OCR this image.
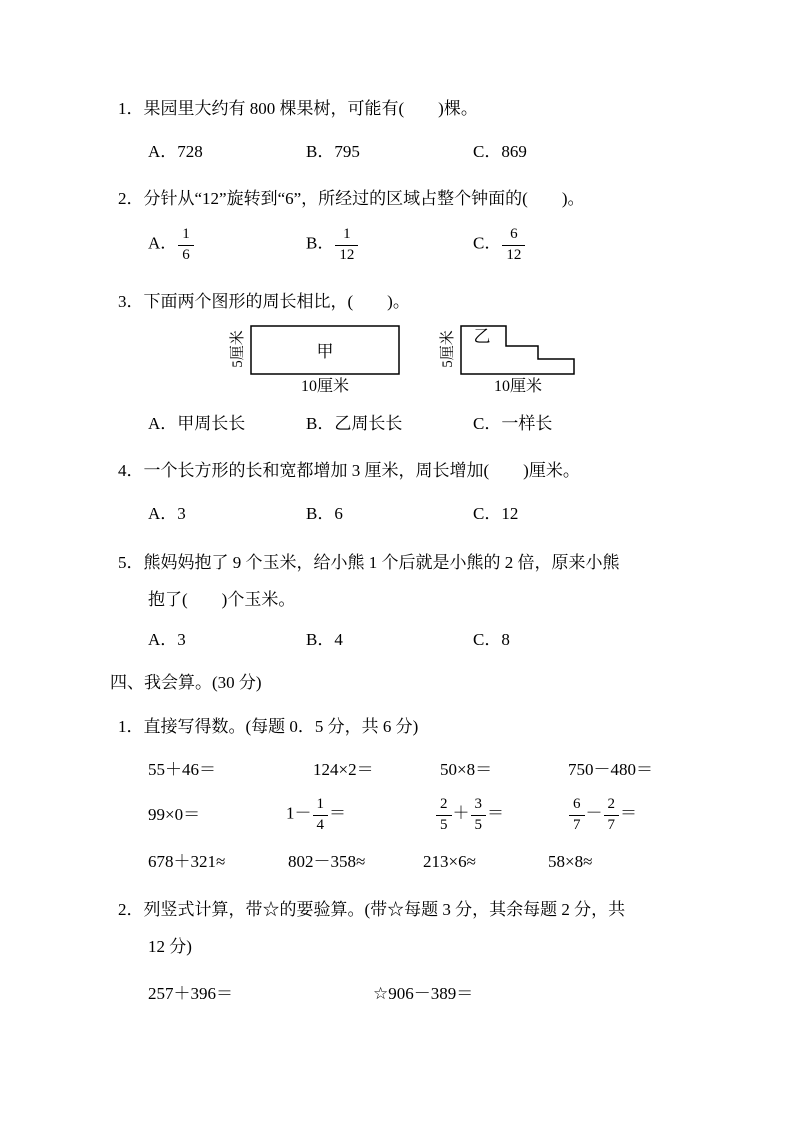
1．果园里大约有 800 棵果树，可能有(　　)棵。
A．728	B．795	C．869
2．分针从“12”旋转到“6”，所经过的区域占整个钟面的(　　)。
A． $\frac{1}{6}$	B． $\frac{1}{12}$	C． $\frac{6}{12}$
3．下面两个图形的周长相比，(　　)。
5厘米	甲
10厘米
5厘米 乙
10厘米
A．甲周长长	B．乙周长长	C．一样长
4．一个长方形的长和宽都增加 3 厘米，周长增加(　　)厘米。
A．3	B．6	C．12
5．熊妈妈抱了 9 个玉米，给小熊 1 个后就是小熊的 2 倍，原来小熊
抱了(　　)个玉米。
A．3	B．4	C．8
四、我会算。(30 分)
1．直接写得数。(每题 0．5 分，共 6 分)
55＋46＝	124×2＝	50×8＝	750－480＝
99×0＝	$1- \frac{1}{4}$ ＝	$\frac{2}{5} + \frac{3}{5}$ ＝	$\frac{6}{7} - \frac{2}{7}$ ＝
678＋321≈	802－358≈	213×6≈	58×8≈
2．列竖式计算，带☆的要验算。(带☆每题 3 分，其余每题 2 分，共
12 分)
257＋396＝	☆906－389＝
